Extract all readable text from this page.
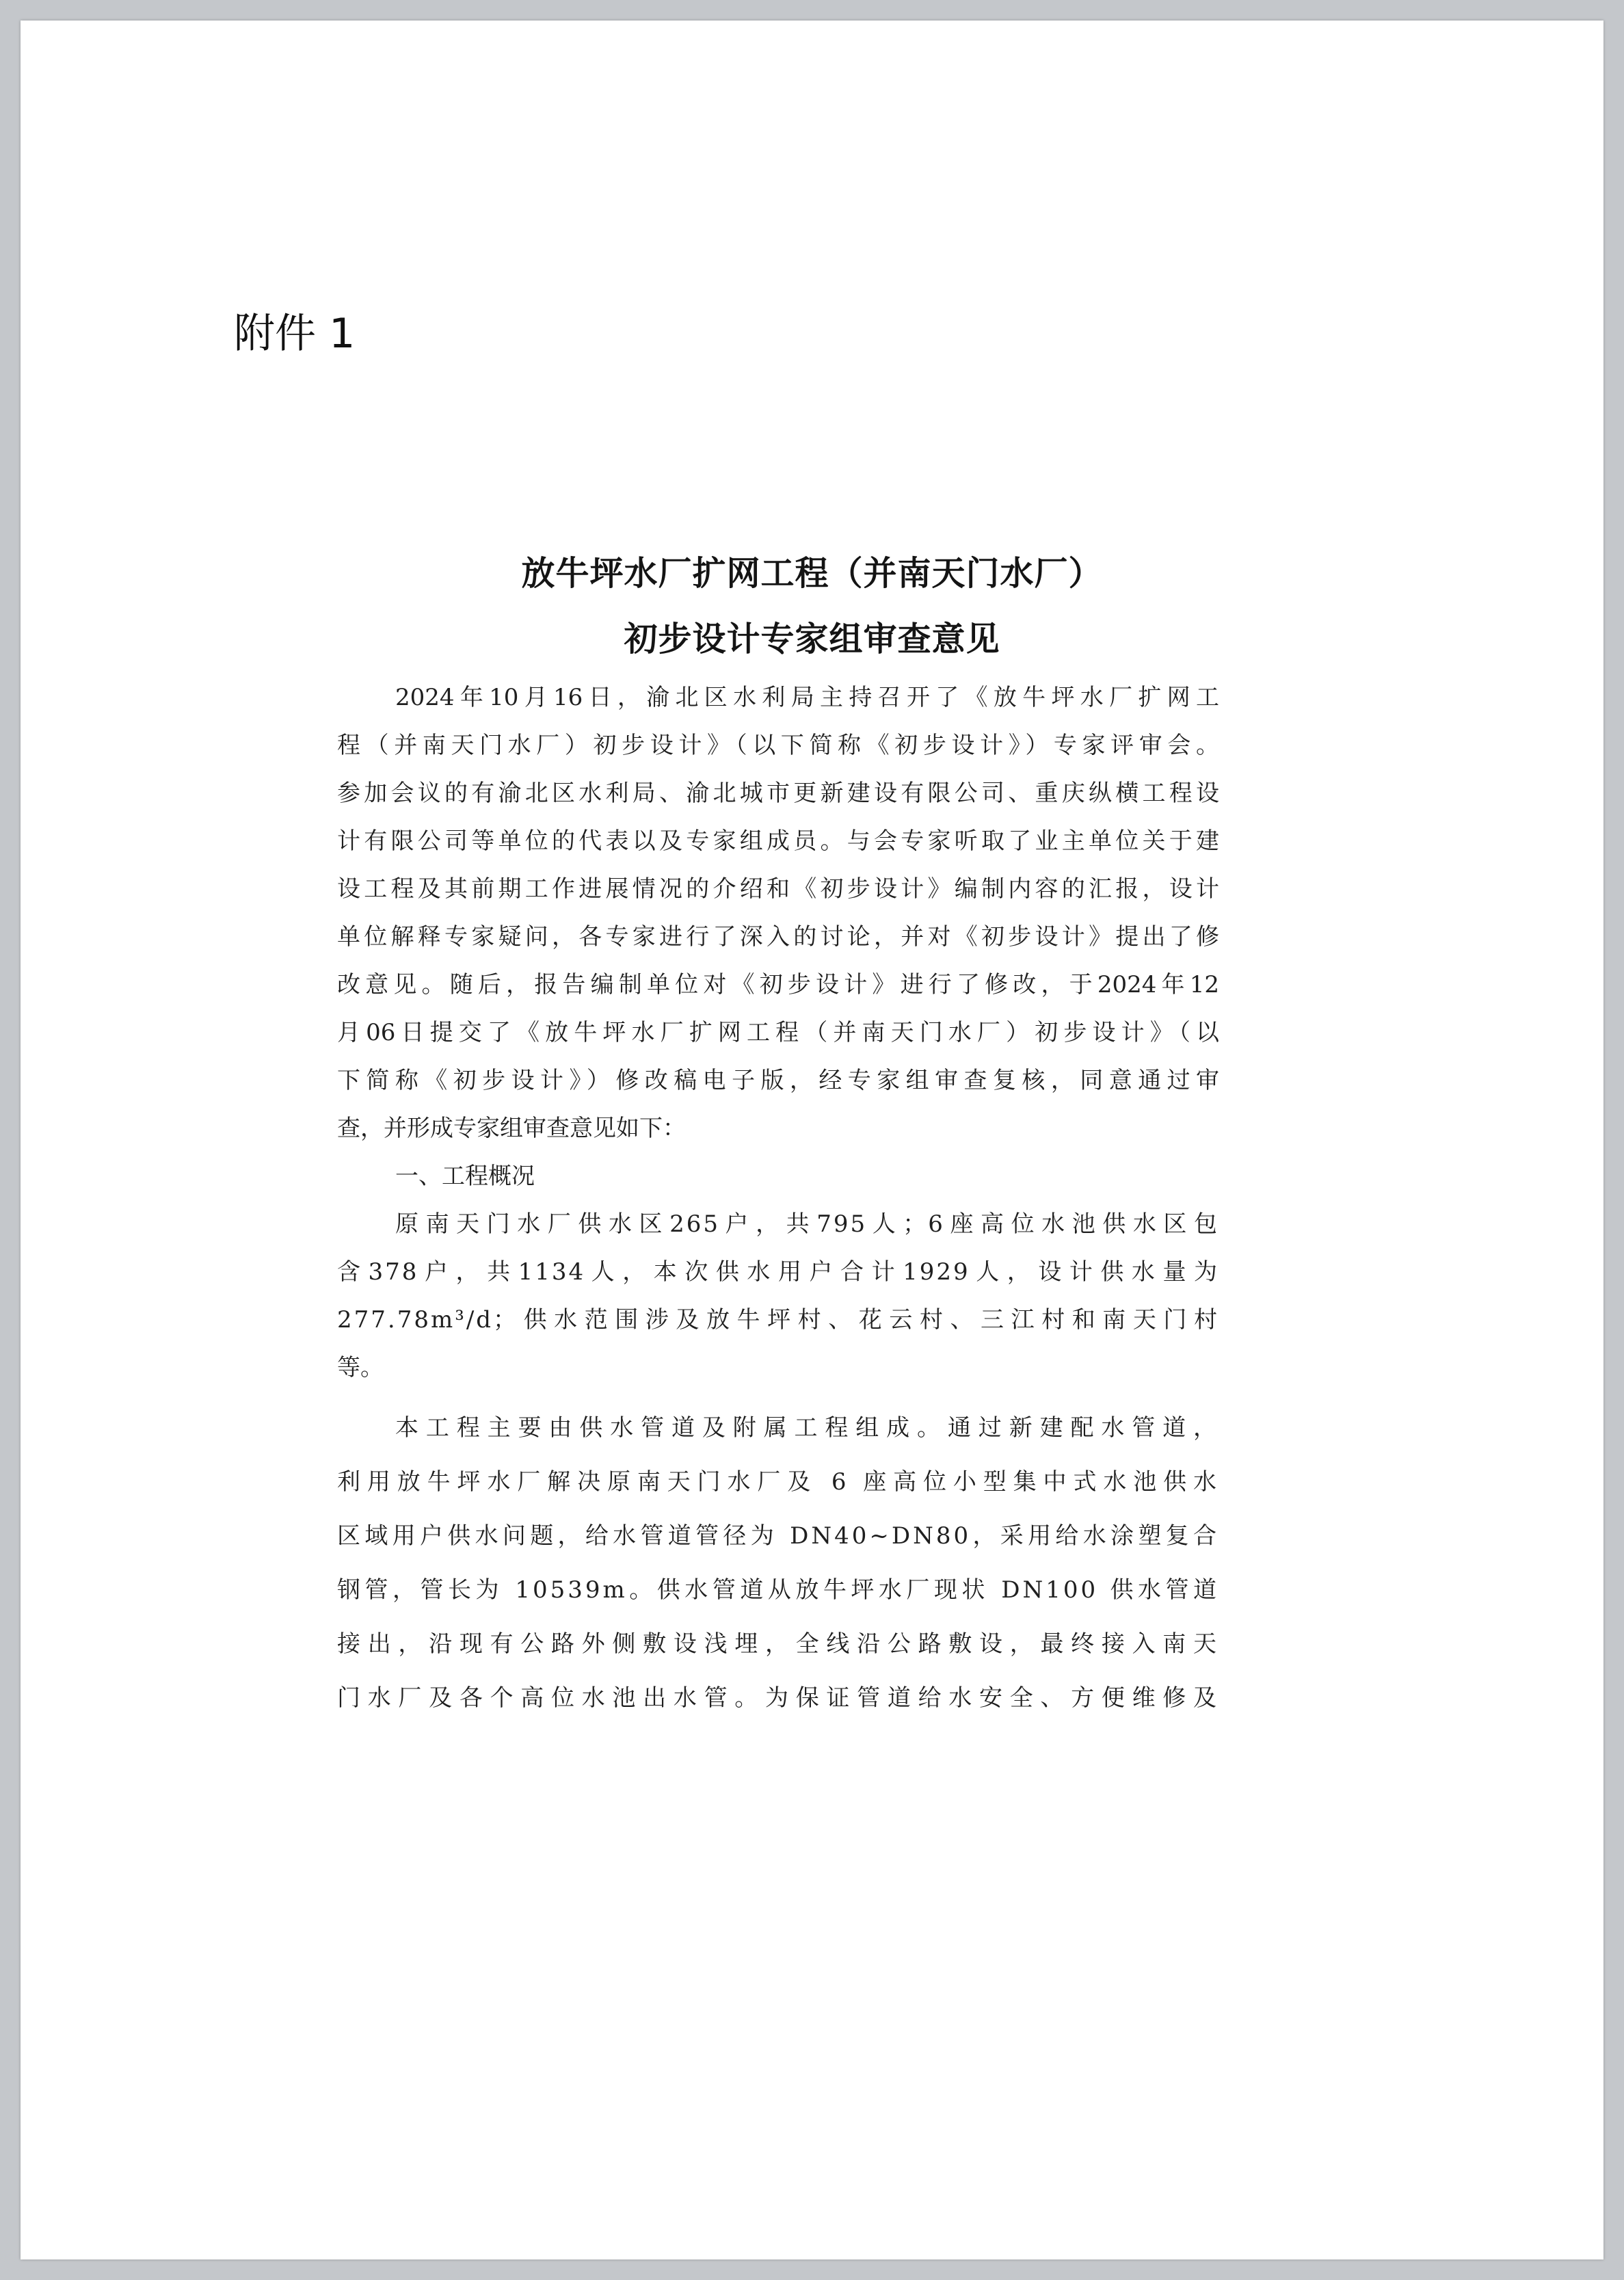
附件 1

放牛坪水厂扩网工程（并南天门水厂）

初步设计专家组审查意见

2024年10月16日，渝北区水利局主持召开了《放牛坪水厂扩网工

程（并南天门水厂）初步设计》（以下简称《初步设计》）专家评审会。

参加会议的有渝北区水利局、渝北城市更新建设有限公司、重庆纵横工程设

计有限公司等单位的代表以及专家组成员。与会专家听取了业主单位关于建

设工程及其前期工作进展情况的介绍和《初步设计》编制内容的汇报，设计

单位解释专家疑问，各专家进行了深入的讨论，并对《初步设计》提出了修

改意见。随后，报告编制单位对《初步设计》进行了修改，于2024年12

月06日提交了《放牛坪水厂扩网工程（并南天门水厂）初步设计》（以

下简称《初步设计》）修改稿电子版，经专家组审查复核，同意通过审

查，并形成专家组审查意见如下：

一、工程概况

原南天门水厂供水区265户，共795人；6座高位水池供水区包

含378户，共1134人，本次供水用户合计1929人，设计供水量为

277.78m³/d；供水范围涉及放牛坪村、花云村、三江村和南天门村

等。

本工程主要由供水管道及附属工程组成。通过新建配水管道，

利用放牛坪水厂解决原南天门水厂及 6 座高位小型集中式水池供水

区域用户供水问题，给水管道管径为 DN40~DN80，采用给水涂塑复合

钢管，管长为 10539m。供水管道从放牛坪水厂现状 DN100 供水管道

接出，沿现有公路外侧敷设浅埋，全线沿公路敷设，最终接入南天

门水厂及各个高位水池出水管。为保证管道给水安全、方便维修及
